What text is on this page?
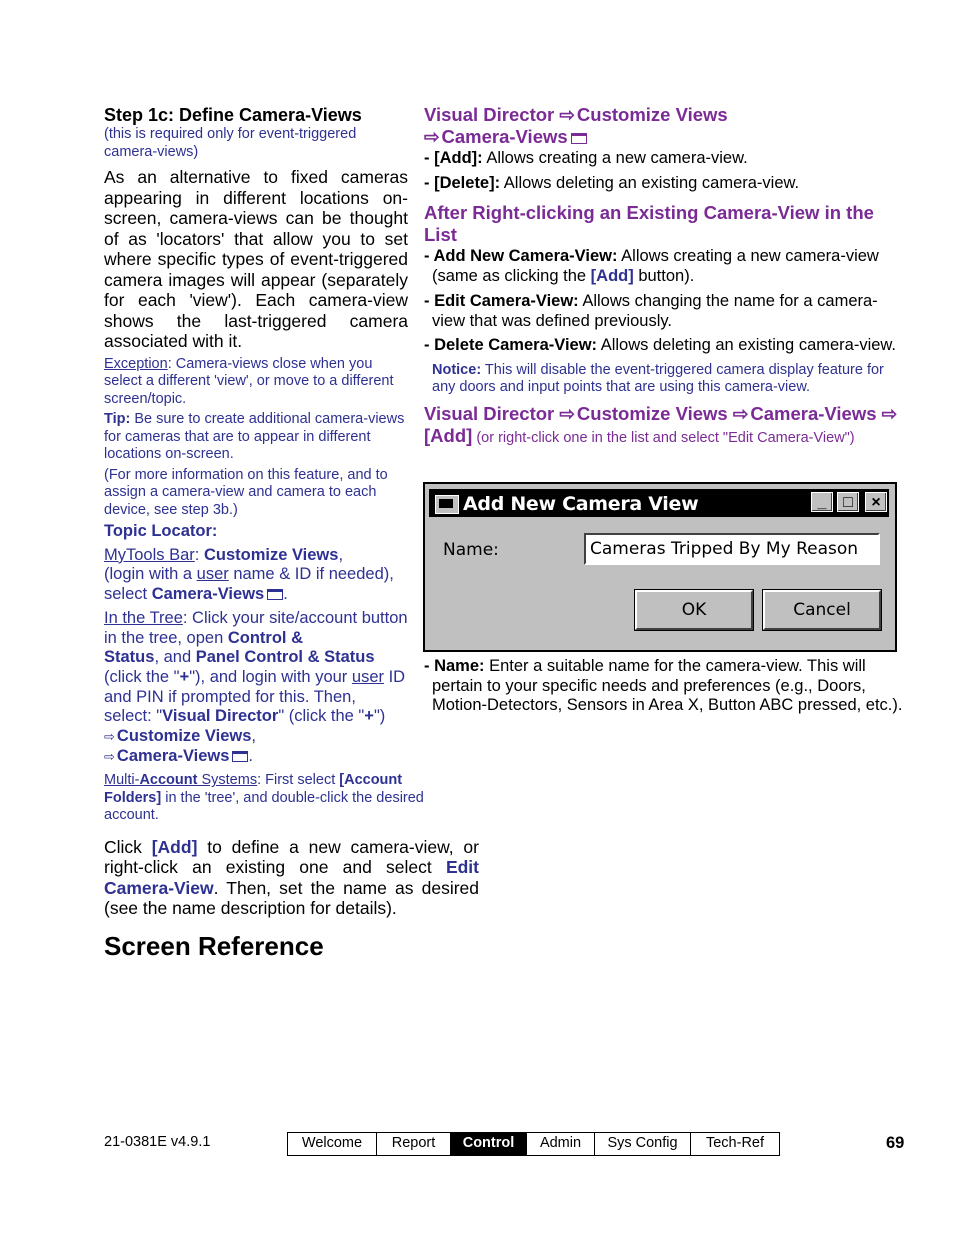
Step 1c: Define Camera-Views

(this is required only for event-triggered camera-views)

As an alternative to fixed cameras appearing in different locations on-screen, camera-views can be thought of as 'locators' that allow you to set where specific types of event-triggered camera images will appear (separately for each 'view'). Each camera-view shows the last-triggered camera associated with it.

Exception: Camera-views close when you select a different 'view', or move to a different screen/topic.

Tip: Be sure to create additional camera-views for cameras that are to appear in different locations on-screen.

(For more information on this feature, and to assign a camera-view and camera to each device, see step 3b.)

Topic Locator:

MyTools Bar: Customize Views,
(login with a user name & ID if needed), select Camera-Views .

In the Tree: Click your site/account button in the tree, open Control &
Status, and Panel Control & Status
(click the "+"), and login with your user ID and PIN if prompted for this. Then, select: "Visual Director" (click the "+")
⇨ Customize Views,
⇨ Camera-Views .

Multi-Account Systems: First select [Account Folders] in the 'tree', and double-click the desired account.

Click [Add] to define a new camera-view, or right-click an existing one and select Edit Camera-View. Then, set the name as desired (see the name description for details).

Screen Reference

Visual Director ⇨ Customize Views
⇨ Camera-Views

- [Add]: Allows creating a new camera-view.

- [Delete]: Allows deleting an existing camera-view.

After Right-clicking an Existing Camera-View in the List

- Add New Camera-View: Allows creating a new camera-view (same as clicking the [Add] button).

- Edit Camera-View: Allows changing the name for a camera-view that was defined previously.

- Delete Camera-View: Allows deleting an existing camera-view.

Notice: This will disable the event-triggered camera display feature for any doors and input points that are using this camera-view.

Visual Director ⇨ Customize Views ⇨ Camera-Views ⇨[Add] (or right-click one in the list and select "Edit Camera-View")

Add New Camera View	_	□	×
Name:
Cameras Tripped By My Reason
OK	Cancel

- Name: Enter a suitable name for the camera-view. This will pertain to your specific needs and preferences (e.g., Doors, Motion-Detectors, Sensors in Area X, Button ABC pressed, etc.).

21-0381E v4.9.1	Welcome	Report	Control	Admin	Sys Config	Tech-Ref	69
